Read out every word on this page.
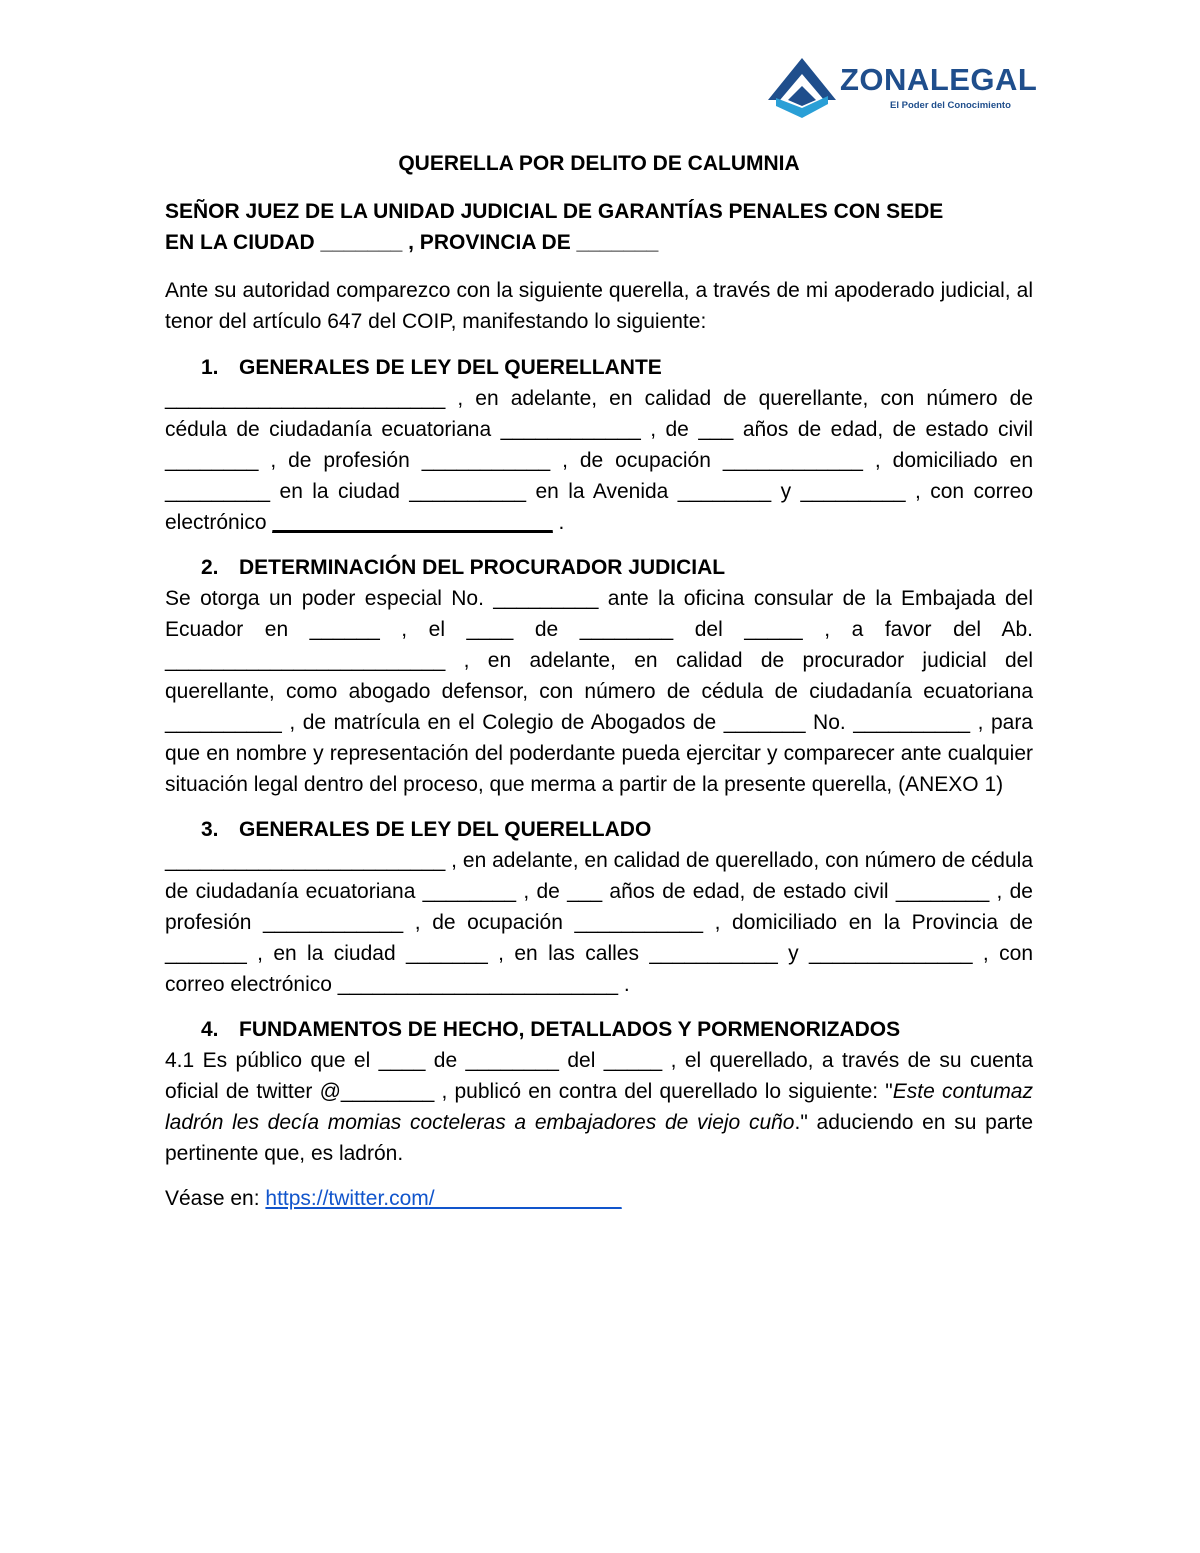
ZONALEGAL
El Poder del Conocimiento

QUERELLA POR DELITO DE CALUMNIA

SEÑOR JUEZ DE LA UNIDAD JUDICIAL DE GARANTÍAS PENALES CON SEDE
EN LA CIUDAD _______ , PROVINCIA DE _______

Ante su autoridad comparezco con la siguiente querella, a través de mi apoderado judicial, al tenor del artículo 647 del COIP, manifestando lo siguiente:

1. GENERALES DE LEY DEL QUERELLANTE

________________________ , en adelante, en calidad de querellante, con número de cédula de ciudadanía ecuatoriana ____________ , de ___ años de edad, de estado civil ________ , de profesión ___________ , de ocupación ____________ , domiciliado en _________ en la ciudad __________ en la Avenida ________ y _________ , con correo electrónico ________________________ .

2. DETERMINACIÓN DEL PROCURADOR JUDICIAL

Se otorga un poder especial No. _________ ante la oficina consular de la Embajada del Ecuador en ______ , el ____ de ________ del _____ , a favor del Ab. ________________________ , en adelante, en calidad de procurador judicial del querellante, como abogado defensor, con número de cédula de ciudadanía ecuatoriana __________ , de matrícula en el Colegio de Abogados de _______ No. __________ , para que en nombre y representación del poderdante pueda ejercitar y comparecer ante cualquier situación legal dentro del proceso, que merma a partir de la presente querella, (ANEXO 1)

3. GENERALES DE LEY DEL QUERELLADO

________________________ , en adelante, en calidad de querellado, con número de cédula de ciudadanía ecuatoriana ________ , de ___ años de edad, de estado civil ________ , de profesión ____________ , de ocupación ___________ , domiciliado en la Provincia de _______ , en la ciudad _______ , en las calles ___________ y ______________ , con correo electrónico ________________________ .

4. FUNDAMENTOS DE HECHO, DETALLADOS Y PORMENORIZADOS

4.1 Es público que el ____ de ________ del _____ , el querellado, a través de su cuenta oficial de twitter @________ , publicó en contra del querellado lo siguiente: "Este contumaz ladrón les decía momias cocteleras a embajadores de viejo cuño." aduciendo en su parte pertinente que, es ladrón.

Véase en: https://twitter.com/________________
